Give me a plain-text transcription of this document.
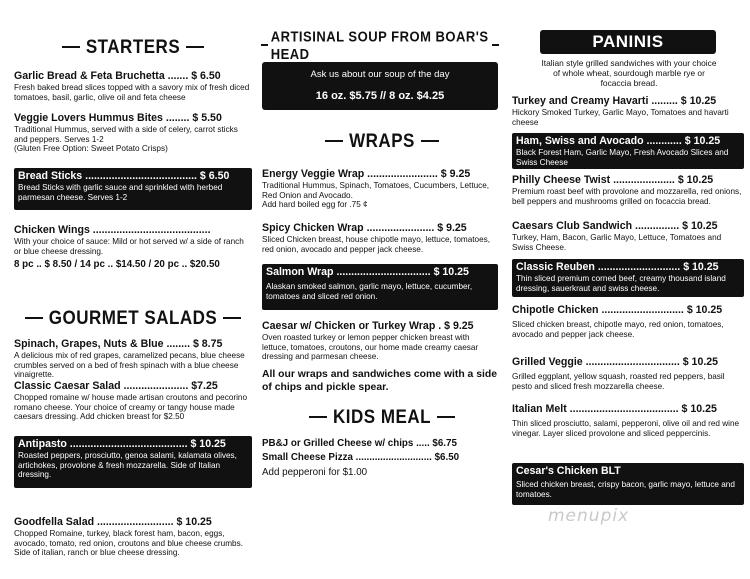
STARTERS
Garlic Bread & Feta Bruchetta ....... $ 6.50
Fresh baked bread slices topped with a savory mix of fresh diced tomatoes, basil, garlic, olive oil and feta cheese
Veggie Lovers Hummus Bites ........ $ 5.50
Traditional Hummus, served with a side of celery, carrot sticks and peppers. Serves 1-2
(Gluten Free Option: Sweet Potato Crisps)
Bread Sticks ...................................... $ 6.50
Bread Sticks with garlic sauce and sprinkled with herbed parmesan cheese. Serves 1-2
Chicken Wings ........................................
With your choice of sauce: Mild or hot served w/ a side of ranch or blue cheese dressing.
8 pc .. $ 8.50 / 14 pc .. $14.50 / 20 pc .. $20.50
GOURMET SALADS
Spinach, Grapes, Nuts & Blue ........ $ 8.75
A delicious mix of red grapes, caramelized pecans, blue cheese crumbles served on a bed of fresh spinach with a blue cheese vinaigrette.
Classic Caesar Salad ...................... $7.25
Chopped romaine w/ house made artisan croutons and pecorino romano cheese. Your choice of creamy or tangy house made caesars dressing. Add chicken breast for $2.50
Antipasto ........................................ $ 10.25
Roasted peppers, prosciutto, genoa salami, kalamata olives, artichokes, provolone & fresh mozzarella. Side of Italian dressing.
Goodfella Salad .......................... $ 10.25
Chopped Romaine, turkey, black forest ham, bacon, eggs, avocado, tomato, red onion, croutons and blue cheese crumbs. Side of italian, ranch or blue cheese dressing.
ARTISINAL SOUP FROM BOAR'S HEAD
Ask us about our soup of the day
16 oz. $5.75 // 8 oz. $4.25
WRAPS
Energy Veggie Wrap ........................ $ 9.25
Traditional Hummus, Spinach, Tomatoes, Cucumbers, Lettuce, Red Onion and Avocado.
Add hard boiled egg for .75 ¢
Spicy Chicken Wrap ....................... $ 9.25
Sliced Chicken breast, house chipotle mayo, lettuce, tomatoes, red onion, avocado and pepper jack cheese.
Salmon Wrap ................................ $ 10.25
Alaskan smoked salmon, garlic mayo, lettuce, cucumber, tomatoes and sliced red onion.
Caesar w/ Chicken or Turkey Wrap . $ 9.25
Oven roasted turkey or lemon pepper chicken breast with lettuce, tomatoes, croutons, our home made creamy caesar dressing and parmesan cheese.
All our wraps and sandwiches come with a side of chips and pickle spear.
KIDS MEAL
PB&J or Grilled Cheese w/ chips ..... $6.75
Small Cheese Pizza ............................ $6.50
Add pepperoni for $1.00
PANINIS
Italian style grilled sandwiches with your choice of whole wheat, sourdough marble rye or focaccia bread.
Turkey and Creamy Havarti ......... $ 10.25
Hickory Smoked Turkey, Garlic Mayo, Tomatoes and havarti cheese
Ham, Swiss and Avocado ............ $ 10.25
Black Forest Ham, Garlic Mayo, Fresh Avocado Slices and Swiss Cheese
Philly Cheese Twist ..................... $ 10.25
Premium roast beef with provolone and mozzarella, red onions, bell peppers and mushrooms grilled on focaccia bread.
Caesars Club Sandwich ............... $ 10.25
Turkey, Ham, Bacon, Garlic Mayo, Lettuce, Tomatoes and Swiss Cheese.
Classic Reuben ............................ $ 10.25
Thin sliced premium corned beef, creamy thousand island dressing, sauerkraut and swiss cheese.
Chipotle Chicken ............................ $ 10.25
Sliced chicken breast, chipotle mayo, red onion, tomatoes, avocado and pepper jack cheese.
Grilled Veggie ................................ $ 10.25
Grilled eggplant, yellow squash, roasted red peppers, basil pesto and sliced fresh mozzarella cheese.
Italian Melt ..................................... $ 10.25
Thin sliced prosciutto, salami, pepperoni, olive oil and red wine vinegar. Layer sliced provolone and sliced peppercinis.
Cesar's Chicken BLT
Sliced chicken breast, crispy bacon, garlic mayo, lettuce and tomatoes.
menupix
